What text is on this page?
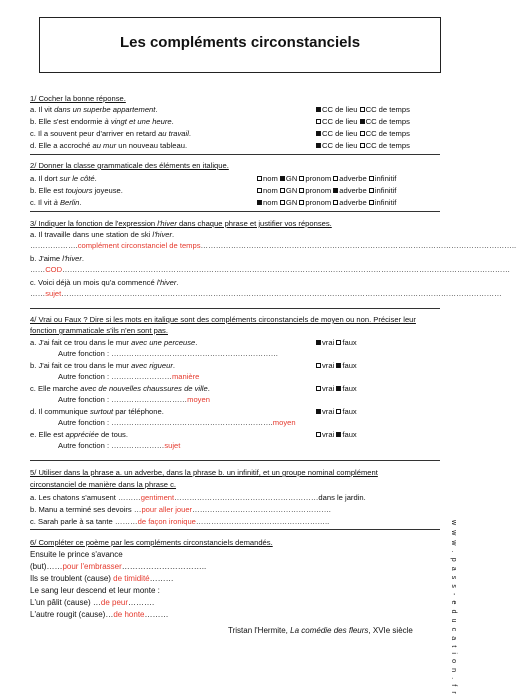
Les compléments circonstanciels
1/ Cocher la bonne réponse.
2/ Donner la classe grammaticale des éléments en italique.
3/ Indiquer la fonction de l'expression l'hiver dans chaque phrase et justifier vos réponses.
4/ Vrai ou Faux ? Dire si les mots en italique sont des compléments circonstanciels de moyen ou non. Préciser leur
fonction grammaticale s'ils n'en sont pas.
5/ Utiliser dans la phrase a. un adverbe, dans la phrase b. un infinitif, et un groupe nominal complément
circonstanciel de manière dans la phrase c.
6/ Compléter ce poème par les compléments circonstanciels demandés.
Tristan l'Hermite, La comédie des fleurs, XVIe siècle	w w w . p a s s - e d u c a t i o n . f r
a. Il vit dans un superbe appartement.	CC de lieu CC de temps
b. Elle s'est endormie à vingt et une heure.	CC de lieu CC de temps
c. Il a souvent peur d'arriver en retard au travail.	CC de lieu CC de temps
d. Elle a accroché au mur un nouveau tableau.	CC de lieu CC de temps
a. Il dort sur le côté.	nom GN pronom adverbe infinitif
b. Elle est toujours joyeuse.	nom GN pronom adverbe infinitif
c. Il vit à Berlin.	nom GN pronom adverbe infinitif
a. Il travaille dans une station de ski l'hiver.
……………….complément circonstanciel de temps……………………………………………………………………………………………………………..
b. J'aime l'hiver.
……COD……………………………………………………………………………………………………………………………………………………………
c. Voici déjà un mois qu'a commencé l'hiver.
……sujet…………………………………………………………………………………………………………………………………………………………
a. J'ai fait ce trou dans le mur avec une perceuse.	vrai faux
Autre fonction : …………………………………………………………
b. J'ai fait ce trou dans le mur avec rigueur.	vrai faux
Autre fonction : ……………………manière
c. Elle marche avec de nouvelles chaussures de ville.	vrai faux
Autre fonction : …………………………moyen
d. Il communique surtout par téléphone.	vrai faux
Autre fonction : ……………………………………………………….moyen
e. Elle est appréciée de tous.	vrai faux
Autre fonction : …………………sujet
a. Les chatons s'amusent ………gentiment…………………………………………………dans le jardin.
b. Manu a terminé ses devoirs …pour aller jouer……………………………………………….
c. Sarah parle à sa tante ………de façon ironique……………………………………………..
Ensuite le prince s'avance
(but)……pour l'embrasser…………………………..
Ils se troublent (cause) de timidité………
Le sang leur descend et leur monte :
L'un pâlit (cause) …de peur……….
L'autre rougit (cause)…de honte………
